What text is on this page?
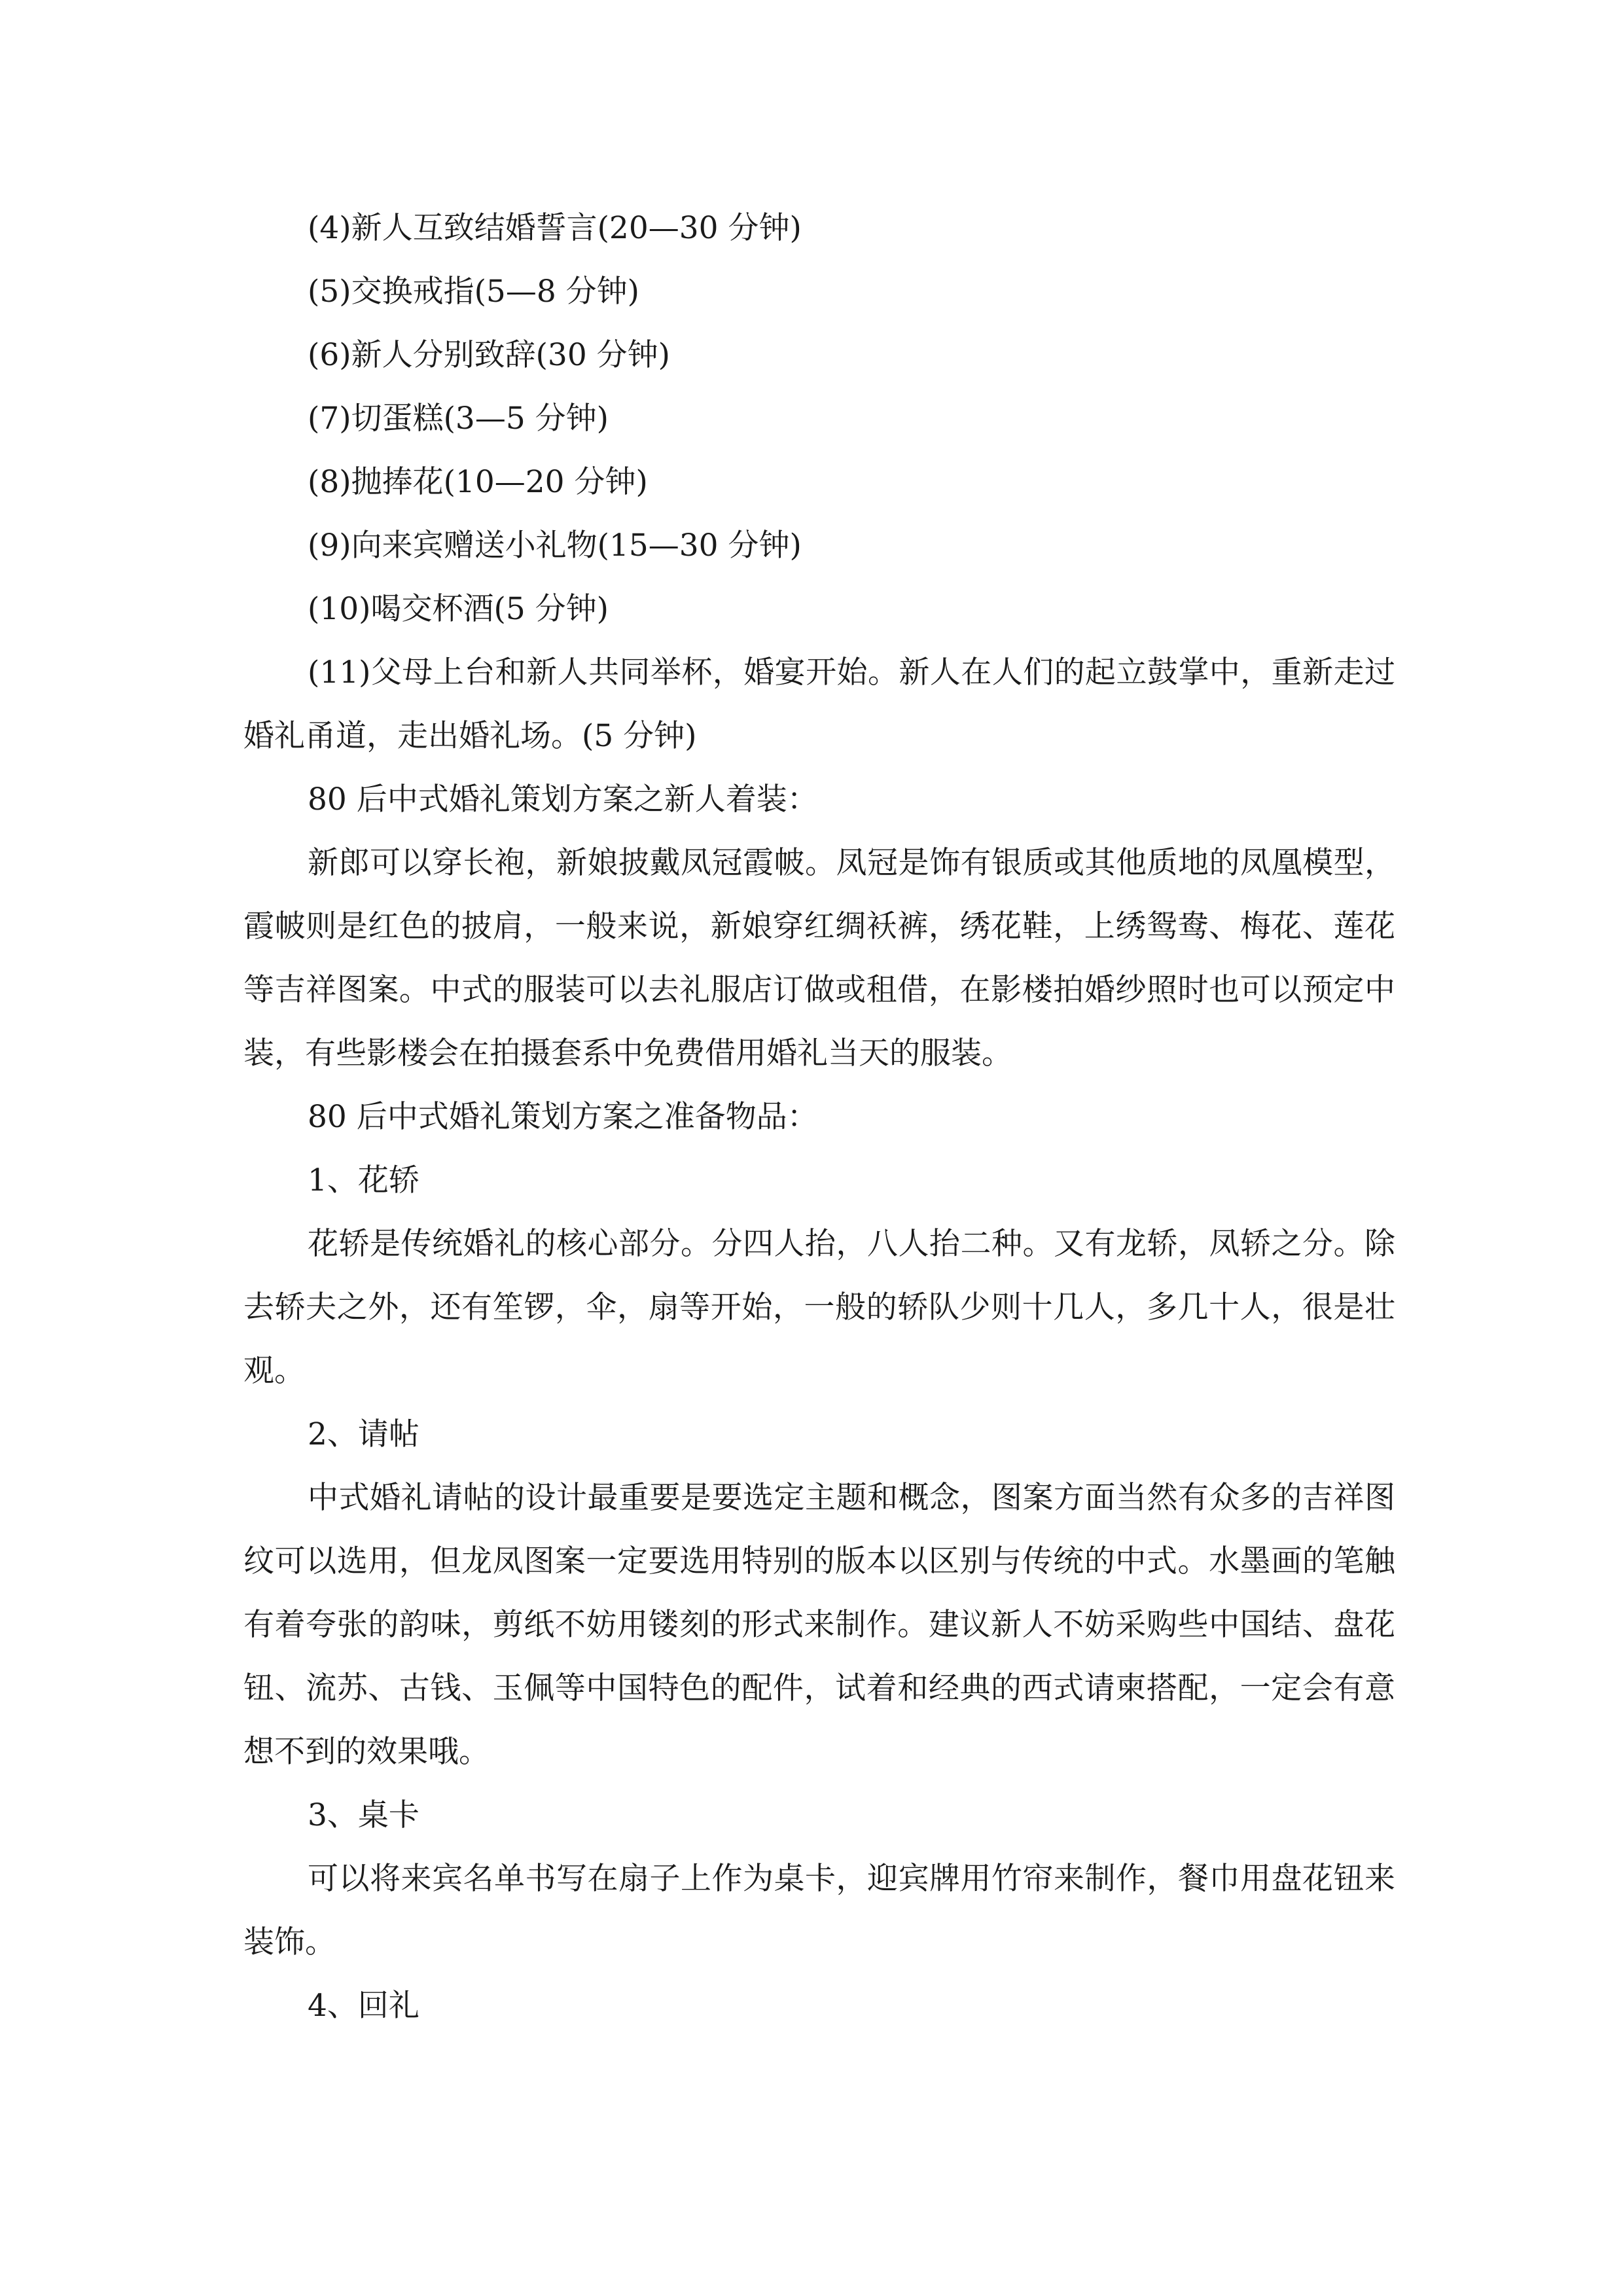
(4)新人互致结婚誓言(20—30 分钟)

(5)交换戒指(5—8 分钟)

(6)新人分别致辞(30 分钟)

(7)切蛋糕(3—5 分钟)

(8)抛捧花(10—20 分钟)

(9)向来宾赠送小礼物(15—30 分钟)

(10)喝交杯酒(5 分钟)

(11)父母上台和新人共同举杯，婚宴开始。新人在人们的起立鼓掌中，重新走过婚礼甬道，走出婚礼场。(5 分钟)

80 后中式婚礼策划方案之新人着装：

新郎可以穿长袍，新娘披戴凤冠霞帔。凤冠是饰有银质或其他质地的凤凰模型，霞帔则是红色的披肩，一般来说，新娘穿红绸袄裤，绣花鞋，上绣鸳鸯、梅花、莲花等吉祥图案。中式的服装可以去礼服店订做或租借，在影楼拍婚纱照时也可以预定中装，有些影楼会在拍摄套系中免费借用婚礼当天的服装。

80 后中式婚礼策划方案之准备物品：

1、花轿

花轿是传统婚礼的核心部分。分四人抬，八人抬二种。又有龙轿，凤轿之分。除去轿夫之外，还有笙锣，伞，扇等开始，一般的轿队少则十几人，多几十人，很是壮观。

2、请帖

中式婚礼请帖的设计最重要是要选定主题和概念，图案方面当然有众多的吉祥图纹可以选用，但龙凤图案一定要选用特别的版本以区别与传统的中式。水墨画的笔触有着夸张的韵味，剪纸不妨用镂刻的形式来制作。建议新人不妨采购些中国结、盘花钮、流苏、古钱、玉佩等中国特色的配件，试着和经典的西式请柬搭配，一定会有意想不到的效果哦。

3、桌卡

可以将来宾名单书写在扇子上作为桌卡，迎宾牌用竹帘来制作，餐巾用盘花钮来装饰。

4、回礼
